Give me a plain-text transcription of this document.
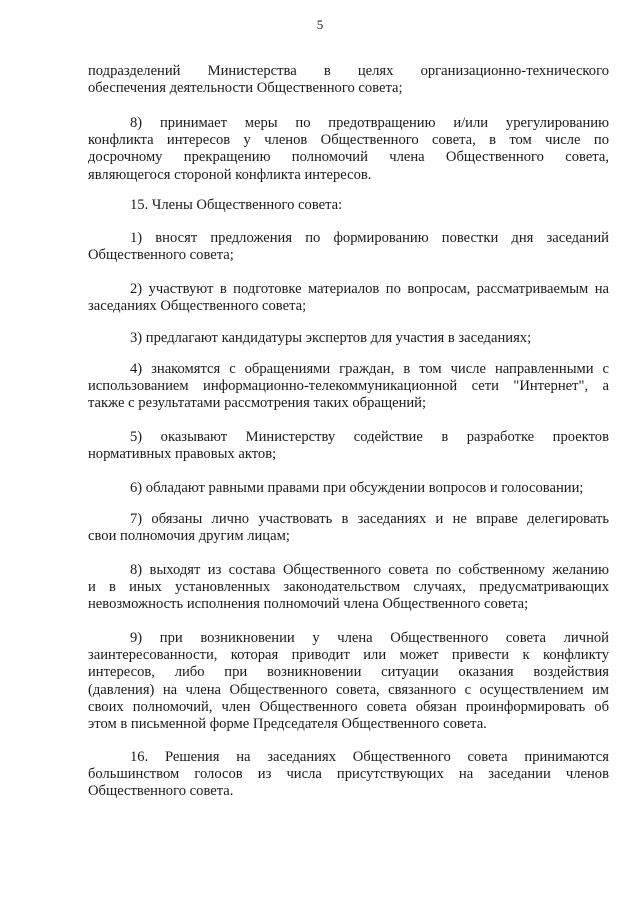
5
подразделений Министерства в целях организационно-технического
обеспечения деятельности Общественного совета;
8) принимает меры по предотвращению и/или урегулированию
конфликта интересов у членов Общественного совета, в том числе по
досрочному прекращению полномочий члена Общественного совета,
являющегося стороной конфликта интересов.
15. Члены Общественного совета:
1) вносят предложения по формированию повестки дня заседаний
Общественного совета;
2) участвуют в подготовке материалов по вопросам, рассматриваемым на
заседаниях Общественного совета;
3) предлагают кандидатуры экспертов для участия в заседаниях;
4) знакомятся с обращениями граждан, в том числе направленными с
использованием информационно-телекоммуникационной сети "Интернет", а
также с результатами рассмотрения таких обращений;
5) оказывают Министерству содействие в разработке проектов
нормативных правовых актов;
6) обладают равными правами при обсуждении вопросов и голосовании;
7) обязаны лично участвовать в заседаниях и не вправе делегировать
свои полномочия другим лицам;
8) выходят из состава Общественного совета по собственному желанию
и в иных установленных законодательством случаях, предусматривающих
невозможность исполнения полномочий члена Общественного совета;
9) при возникновении у члена Общественного совета личной
заинтересованности, которая приводит или может привести к конфликту
интересов, либо при возникновении ситуации оказания воздействия
(давления) на члена Общественного совета, связанного с осуществлением им
своих полномочий, член Общественного совета обязан проинформировать об
этом в письменной форме Председателя Общественного совета.
16. Решения на заседаниях Общественного совета принимаются
большинством голосов из числа присутствующих на заседании членов
Общественного совета.
